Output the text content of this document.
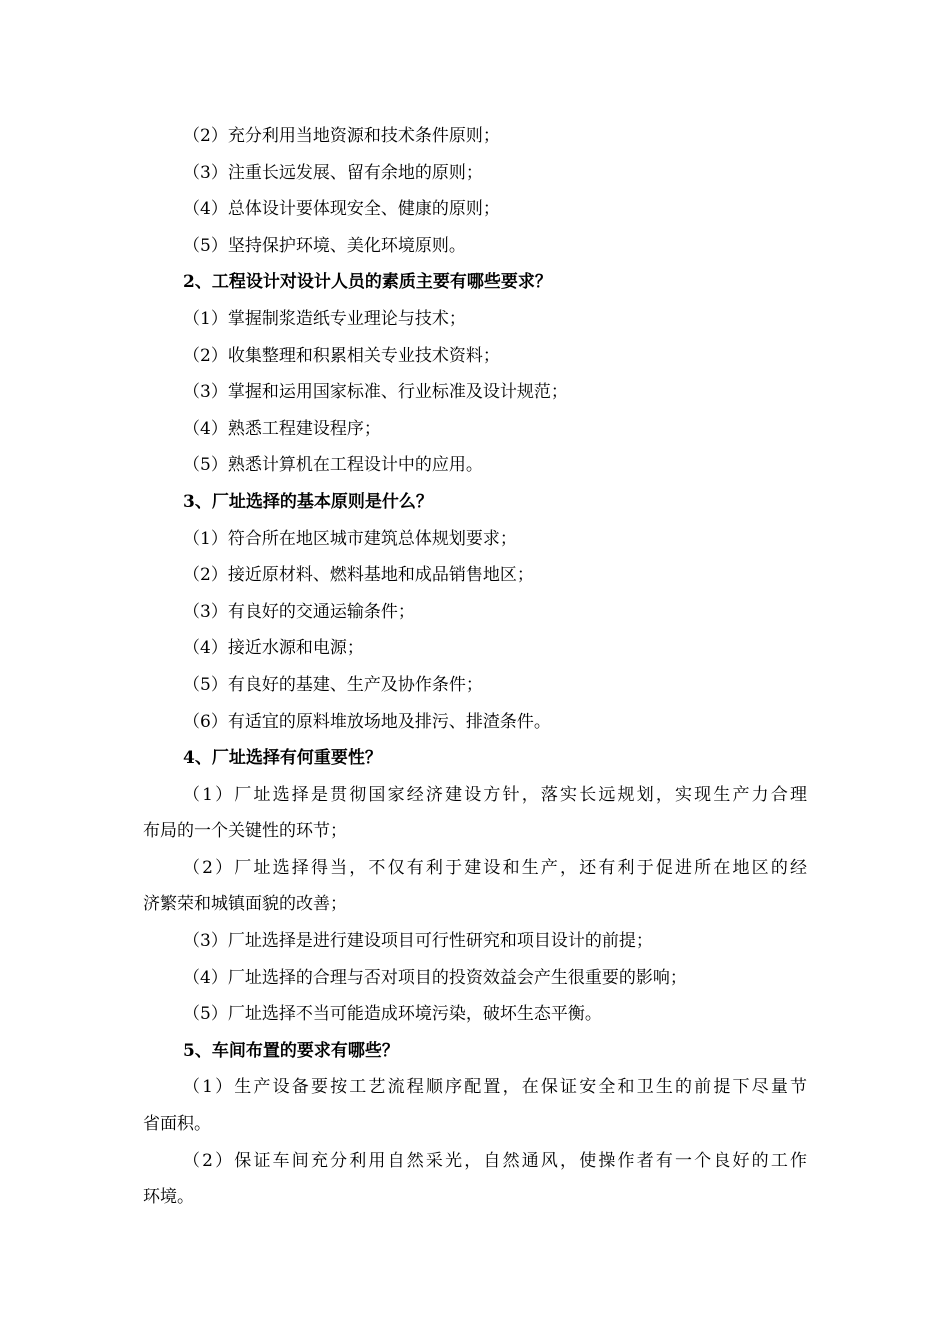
（2）充分利用当地资源和技术条件原则；
（3）注重长远发展、留有余地的原则；
（4）总体设计要体现安全、健康的原则；
（5）坚持保护环境、美化环境原则。
2、工程设计对设计人员的素质主要有哪些要求？
（1）掌握制浆造纸专业理论与技术；
（2）收集整理和积累相关专业技术资料；
（3）掌握和运用国家标准、行业标准及设计规范；
（4）熟悉工程建设程序；
（5）熟悉计算机在工程设计中的应用。
3、厂址选择的基本原则是什么？
（1）符合所在地区城市建筑总体规划要求；
（2）接近原材料、燃料基地和成品销售地区；
（3）有良好的交通运输条件；
（4）接近水源和电源；
（5）有良好的基建、生产及协作条件；
（6）有适宜的原料堆放场地及排污、排渣条件。
4、厂址选择有何重要性？
（1）厂址选择是贯彻国家经济建设方针，落实长远规划，实现生产力合理
布局的一个关键性的环节；
（2）厂址选择得当，不仅有利于建设和生产，还有利于促进所在地区的经
济繁荣和城镇面貌的改善；
（3）厂址选择是进行建设项目可行性研究和项目设计的前提；
（4）厂址选择的合理与否对项目的投资效益会产生很重要的影响；
（5）厂址选择不当可能造成环境污染，破坏生态平衡。
5、车间布置的要求有哪些？
（1）生产设备要按工艺流程顺序配置，在保证安全和卫生的前提下尽量节
省面积。
（2）保证车间充分利用自然采光，自然通风，使操作者有一个良好的工作
环境。
